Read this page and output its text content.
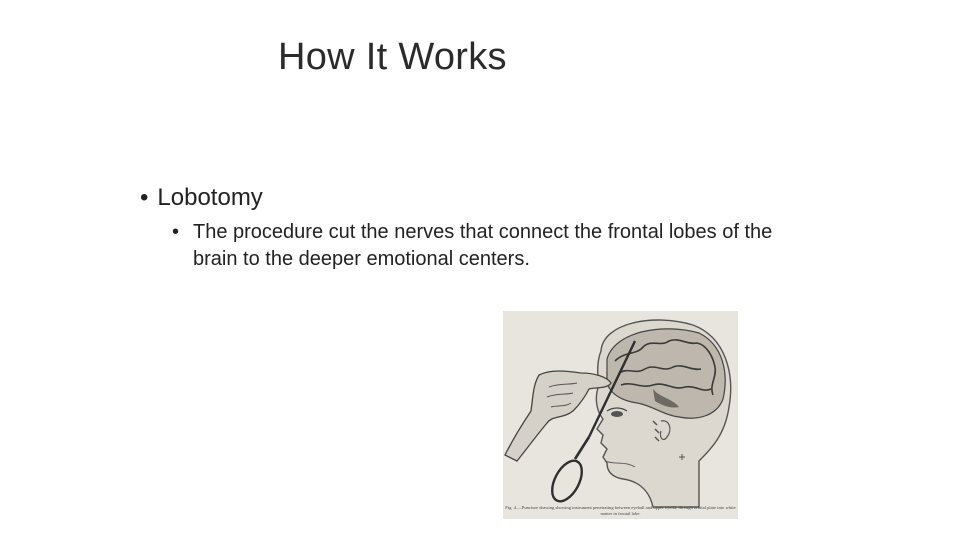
How It Works
• Lobotomy
• The procedure cut the nerves that connect the frontal lobes of the brain to the deeper emotional centers.
Fig. 4.—Puncture drawing showing instrument penetrating between eyeball and upper eyelid, through orbital plate into white matter in frontal lobe.
